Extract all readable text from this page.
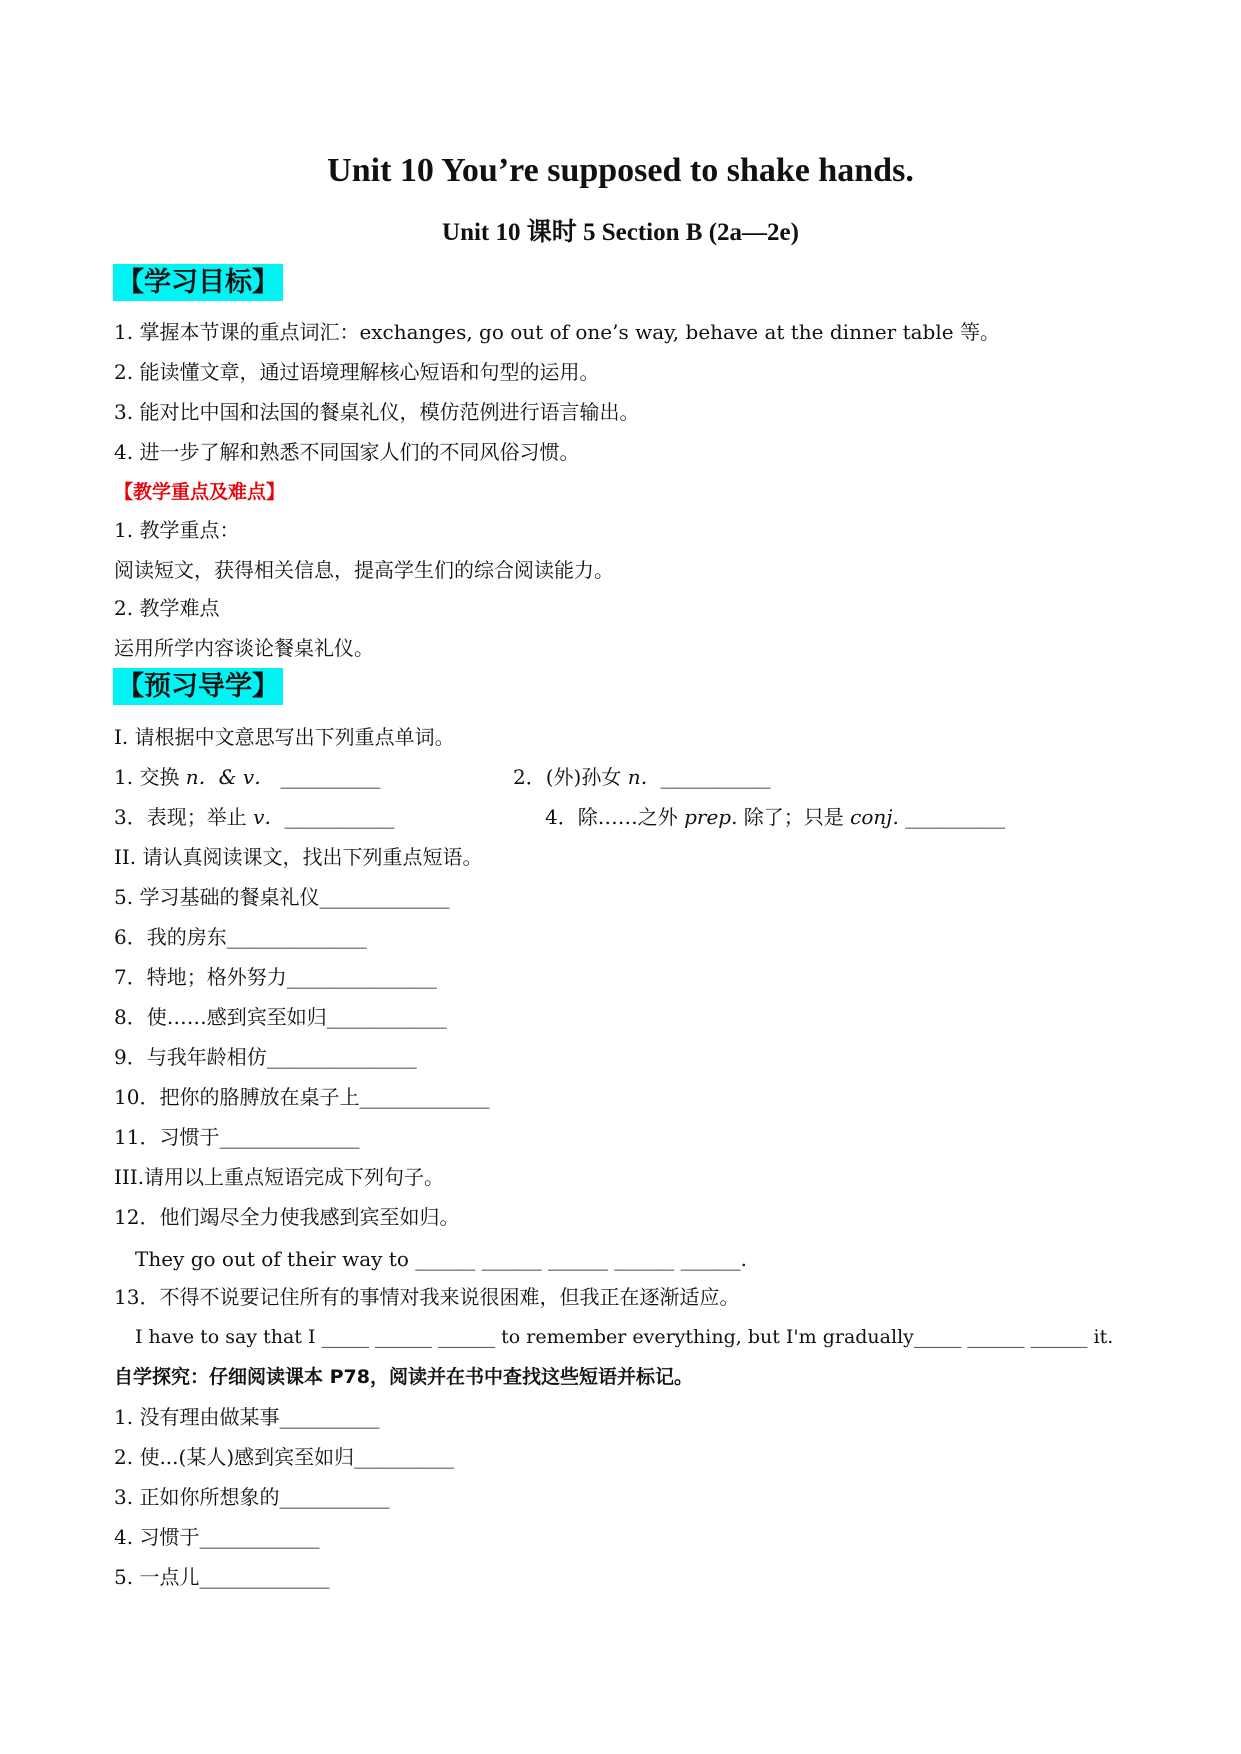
Unit 10 You’re supposed to shake hands.
Unit 10 课时 5 Section B (2a—2e)
【学习目标】
1. 掌握本节课的重点词汇：exchanges, go out of one’s way, behave at the dinner table 等。
2. 能读懂文章，通过语境理解核心短语和句型的运用。
3. 能对比中国和法国的餐桌礼仪，模仿范例进行语言输出。
4. 进一步了解和熟悉不同国家人们的不同风俗习惯。
【教学重点及难点】
1. 教学重点：
阅读短文，获得相关信息，提高学生们的综合阅读能力。
2. 教学难点
运用所学内容谈论餐桌礼仪。
【预习导学】
I. 请根据中文意思写出下列重点单词。
1. 交换 n．& v． __________	2．(外)孙女 n．___________
3．表现；举止 v．___________	4．除……之外 prep. 除了；只是 conj. __________
II. 请认真阅读课文，找出下列重点短语。
5. 学习基础的餐桌礼仪_____________
6．我的房东______________
7．特地；格外努力_______________
8．使……感到宾至如归____________
9．与我年龄相仿_______________
10．把你的胳膊放在桌子上_____________
11．习惯于______________
III.请用以上重点短语完成下列句子。
12．他们竭尽全力使我感到宾至如归。
They go out of their way to ______ ______ ______ ______ ______.
13．不得不说要记住所有的事情对我来说很困难，但我正在逐渐适应。
I have to say that I _____ ______ ______ to remember everything, but I'm gradually_____ ______ ______ it.
自学探究：仔细阅读课本 P78，阅读并在书中查找这些短语并标记。
1. 没有理由做某事__________
2. 使...(某人)感到宾至如归__________
3. 正如你所想象的___________
4. 习惯于____________
5. 一点儿_____________
